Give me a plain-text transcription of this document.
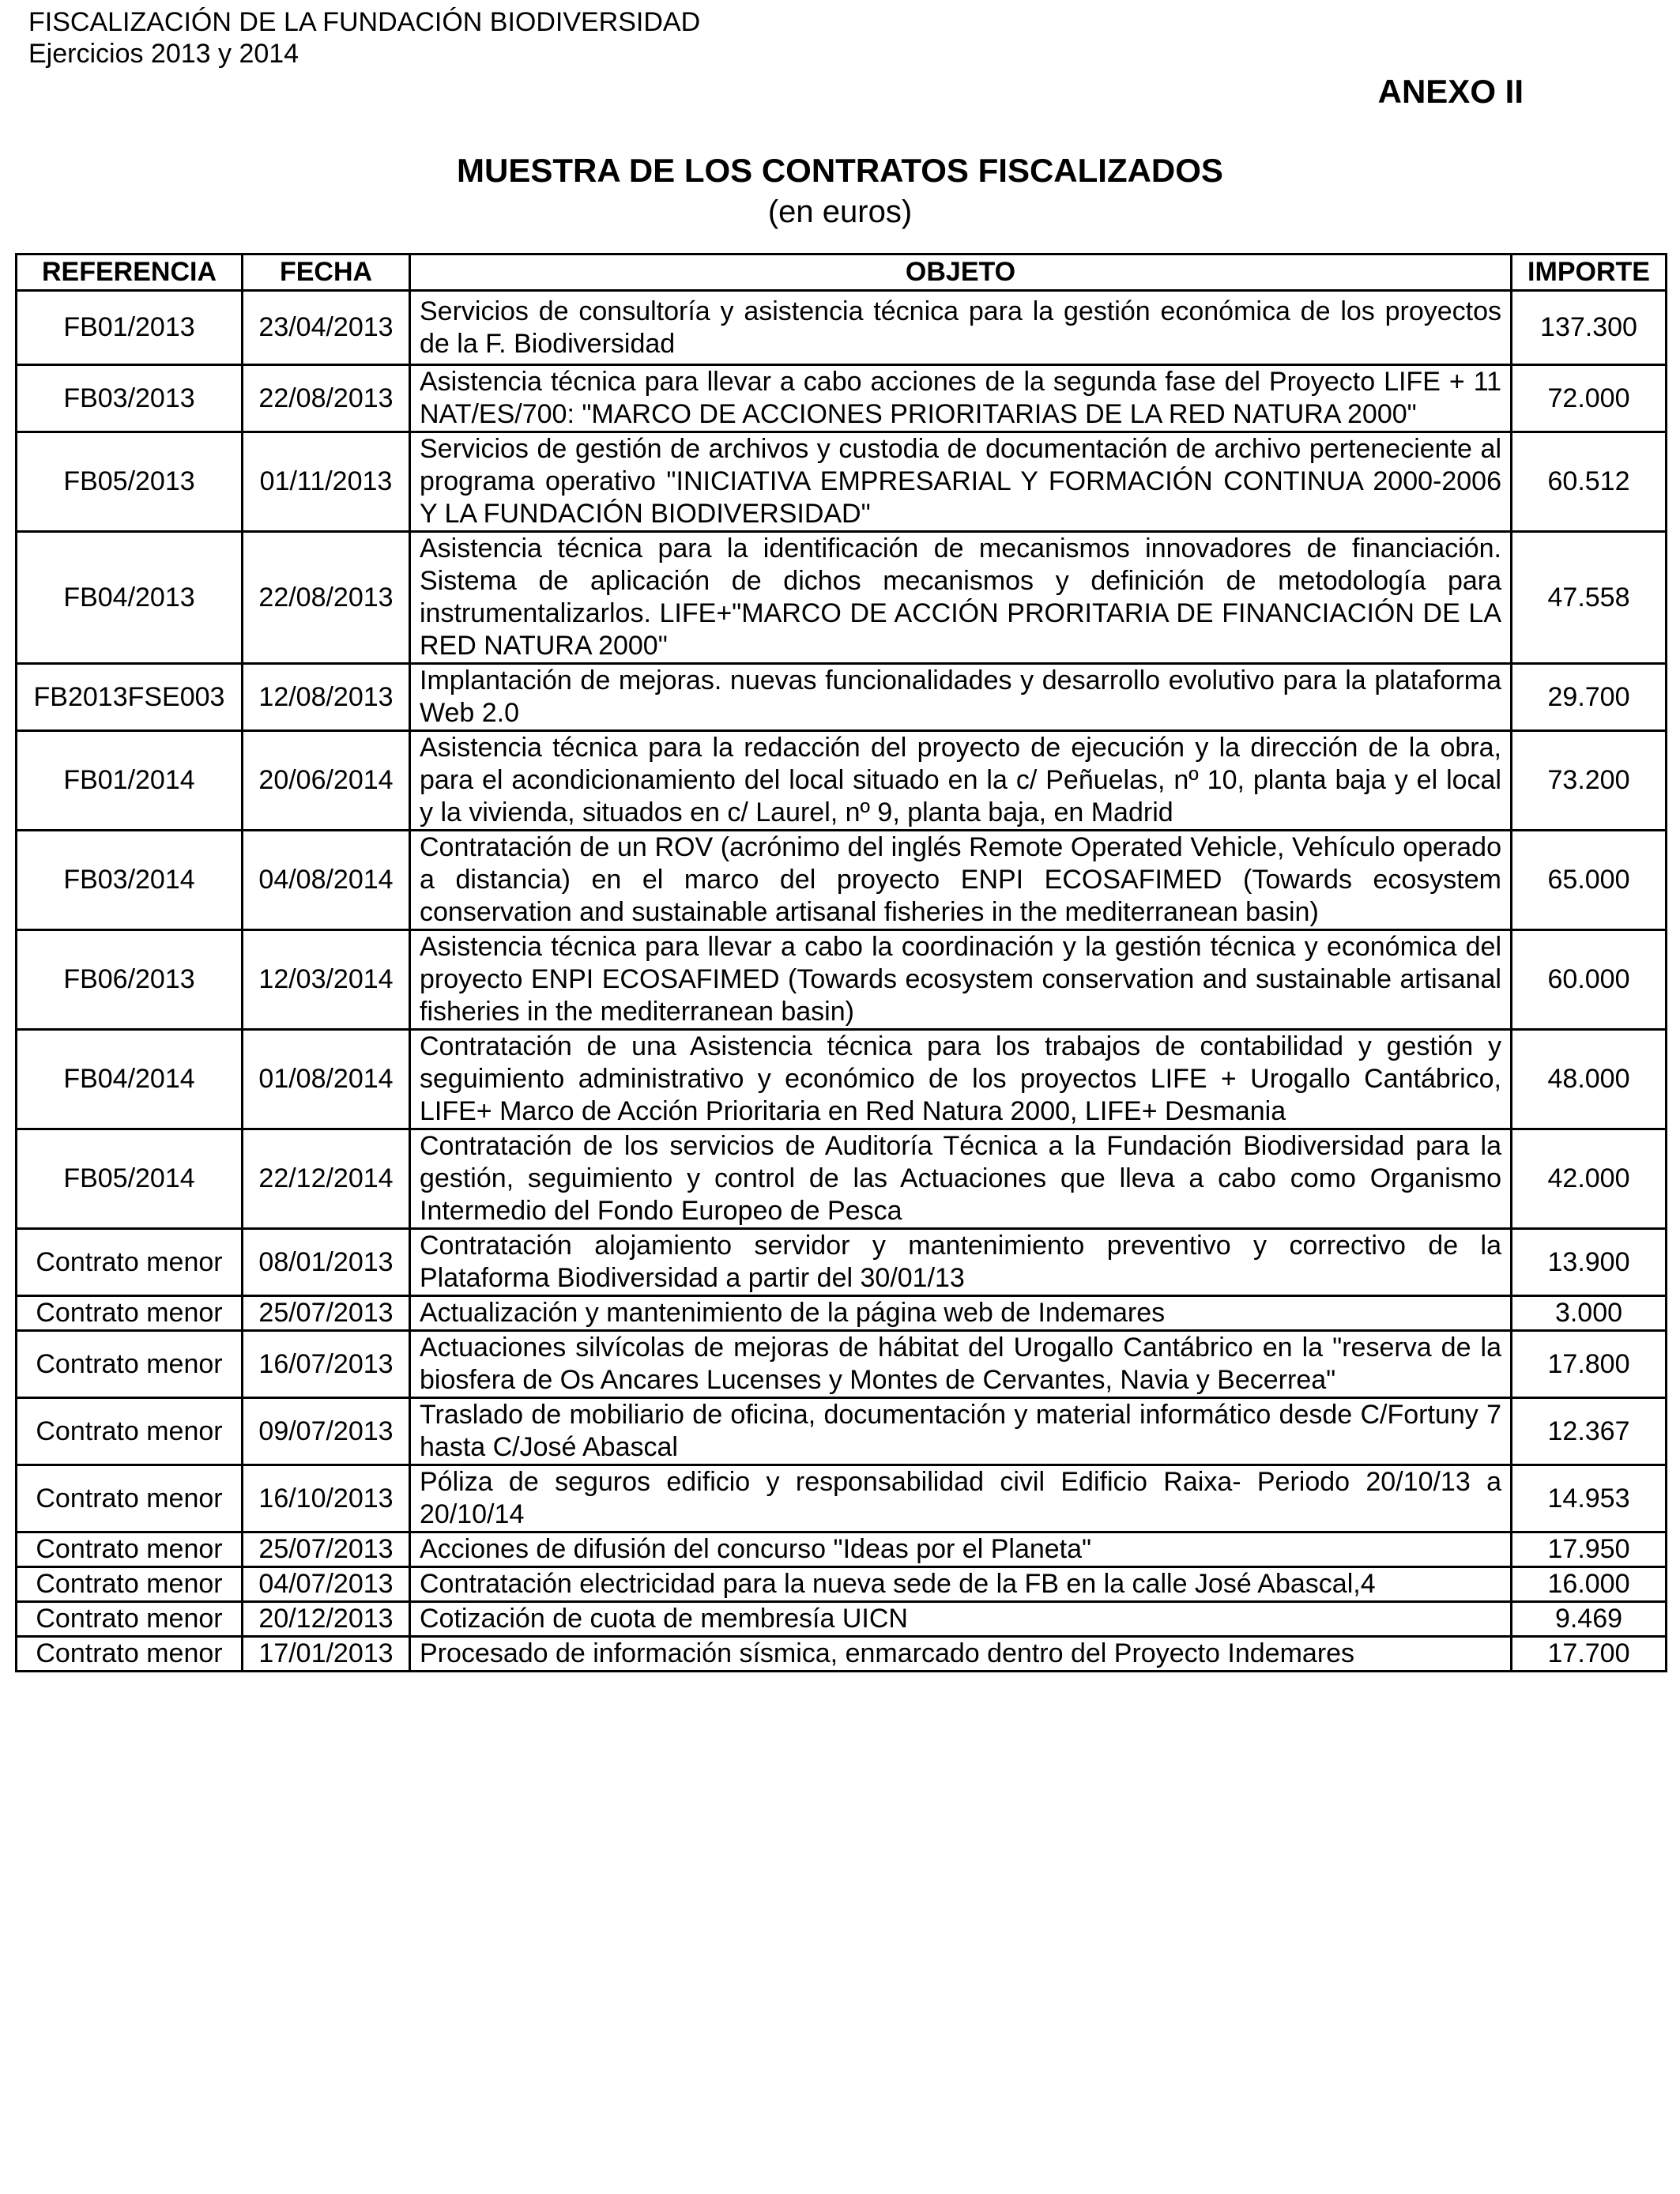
FISCALIZACIÓN DE LA FUNDACIÓN BIODIVERSIDAD
Ejercicios 2013 y 2014
ANEXO II
MUESTRA DE LOS CONTRATOS FISCALIZADOS
(en euros)
REFERENCIA	FECHA	OBJETO	IMPORTE
FB01/2013	23/04/2013	Servicios de consultoría y asistencia técnica para la gestión económica de los proyectos de la F. Biodiversidad	137.300
FB03/2013	22/08/2013	Asistencia técnica para llevar a cabo acciones de la segunda fase del Proyecto LIFE + 11 NAT/ES/700: "MARCO DE ACCIONES PRIORITARIAS DE LA RED NATURA 2000"	72.000
FB05/2013	01/11/2013	Servicios de gestión de archivos y custodia de documentación de archivo perteneciente al programa operativo "INICIATIVA EMPRESARIAL Y FORMACIÓN CONTINUA 2000-2006 Y LA FUNDACIÓN BIODIVERSIDAD"	60.512
FB04/2013	22/08/2013	Asistencia técnica para la identificación de mecanismos innovadores de financiación. Sistema de aplicación de dichos mecanismos y definición de metodología para instrumentalizarlos. LIFE+"MARCO DE ACCIÓN PRORITARIA DE FINANCIACIÓN DE LA RED NATURA 2000"	47.558
FB2013FSE003	12/08/2013	Implantación de mejoras. nuevas funcionalidades y desarrollo evolutivo para la plataforma Web 2.0	29.700
FB01/2014	20/06/2014	Asistencia técnica para la redacción del proyecto de ejecución y la dirección de la obra, para el acondicionamiento del local situado en la c/ Peñuelas, nº 10, planta baja y el local y la vivienda, situados en c/ Laurel, nº 9, planta baja, en Madrid	73.200
FB03/2014	04/08/2014	Contratación de un ROV (acrónimo del inglés Remote Operated Vehicle, Vehículo operado a distancia) en el marco del proyecto ENPI ECOSAFIMED (Towards ecosystem conservation and sustainable artisanal fisheries in the mediterranean basin)	65.000
FB06/2013	12/03/2014	Asistencia técnica para llevar a cabo la coordinación y la gestión técnica y económica del proyecto ENPI ECOSAFIMED (Towards ecosystem conservation and sustainable artisanal fisheries in the mediterranean basin)	60.000
FB04/2014	01/08/2014	Contratación de una Asistencia técnica para los trabajos de contabilidad y gestión y seguimiento administrativo y económico de los proyectos LIFE + Urogallo Cantábrico, LIFE+ Marco de Acción Prioritaria en Red Natura 2000, LIFE+ Desmania	48.000
FB05/2014	22/12/2014	Contratación de los servicios de Auditoría Técnica a la Fundación Biodiversidad para la gestión, seguimiento y control de las Actuaciones que lleva a cabo como Organismo Intermedio del Fondo Europeo de Pesca	42.000
Contrato menor	08/01/2013	Contratación alojamiento servidor y mantenimiento preventivo y correctivo de la Plataforma Biodiversidad a partir del 30/01/13	13.900
Contrato menor	25/07/2013	Actualización y mantenimiento de la página web de Indemares	3.000
Contrato menor	16/07/2013	Actuaciones silvícolas de mejoras de hábitat del Urogallo Cantábrico en la "reserva de la biosfera de Os Ancares Lucenses y Montes de Cervantes, Navia y Becerrea"	17.800
Contrato menor	09/07/2013	Traslado de mobiliario de oficina, documentación y material informático desde C/Fortuny 7 hasta C/José Abascal	12.367
Contrato menor	16/10/2013	Póliza de seguros edificio y responsabilidad civil Edificio Raixa- Periodo 20/10/13 a 20/10/14	14.953
Contrato menor	25/07/2013	Acciones de difusión del concurso "Ideas por el Planeta"	17.950
Contrato menor	04/07/2013	Contratación electricidad para la nueva sede de la FB en la calle José Abascal,4	16.000
Contrato menor	20/12/2013	Cotización de cuota de membresía UICN	9.469
Contrato menor	17/01/2013	Procesado de información sísmica, enmarcado dentro del Proyecto Indemares	17.700
